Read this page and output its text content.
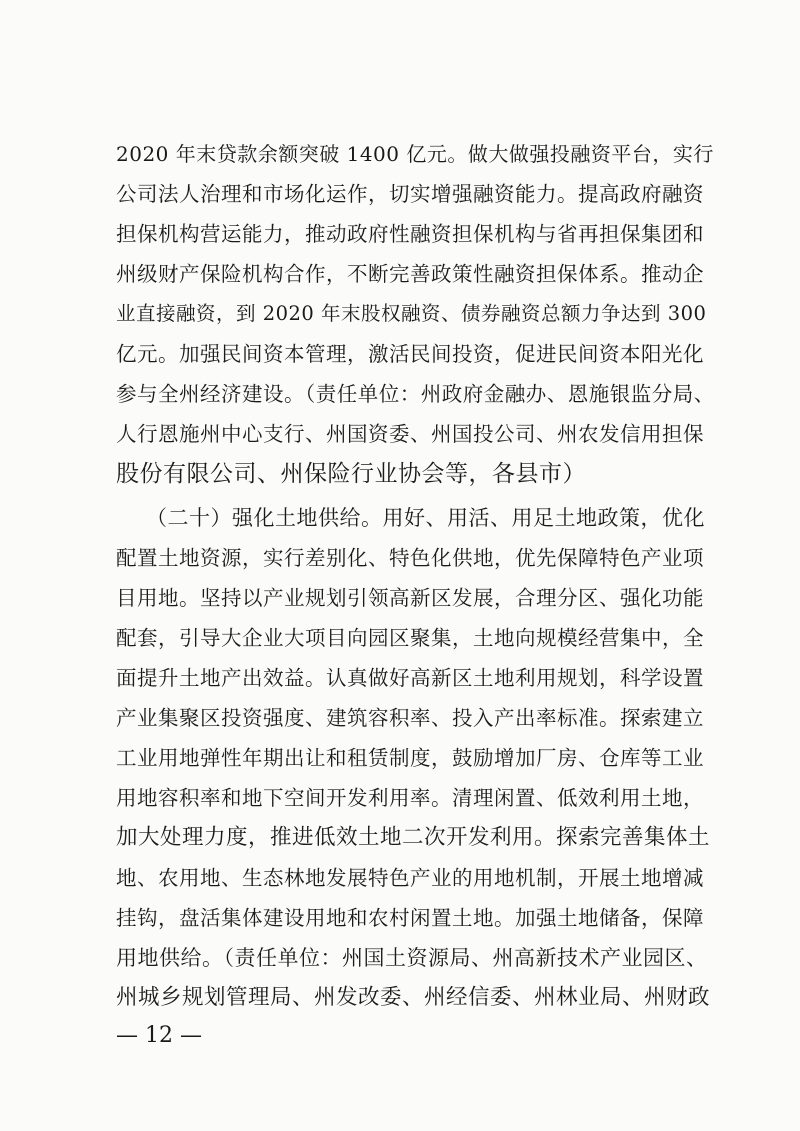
2020 年末贷款余额突破 1400 亿元。做大做强投融资平台，实行
公司法人治理和市场化运作，切实增强融资能力。提高政府融资
担保机构营运能力，推动政府性融资担保机构与省再担保集团和
州级财产保险机构合作，不断完善政策性融资担保体系。推动企
业直接融资，到 2020 年末股权融资、债券融资总额力争达到 300
亿元。加强民间资本管理，激活民间投资，促进民间资本阳光化
参与全州经济建设。（责任单位：州政府金融办、恩施银监分局、
人行恩施州中心支行、州国资委、州国投公司、州农发信用担保
股份有限公司、州保险行业协会等，各县市）
（二十）强化土地供给。用好、用活、用足土地政策，优化
配置土地资源，实行差别化、特色化供地，优先保障特色产业项
目用地。坚持以产业规划引领高新区发展，合理分区、强化功能
配套，引导大企业大项目向园区聚集，土地向规模经营集中，全
面提升土地产出效益。认真做好高新区土地利用规划，科学设置
产业集聚区投资强度、建筑容积率、投入产出率标准。探索建立
工业用地弹性年期出让和租赁制度，鼓励增加厂房、仓库等工业
用地容积率和地下空间开发利用率。清理闲置、低效利用土地，
加大处理力度，推进低效土地二次开发利用。探索完善集体土
地、农用地、生态林地发展特色产业的用地机制，开展土地增减
挂钩，盘活集体建设用地和农村闲置土地。加强土地储备，保障
用地供给。（责任单位：州国土资源局、州高新技术产业园区、
州城乡规划管理局、州发改委、州经信委、州林业局、州财政
— 12 —
